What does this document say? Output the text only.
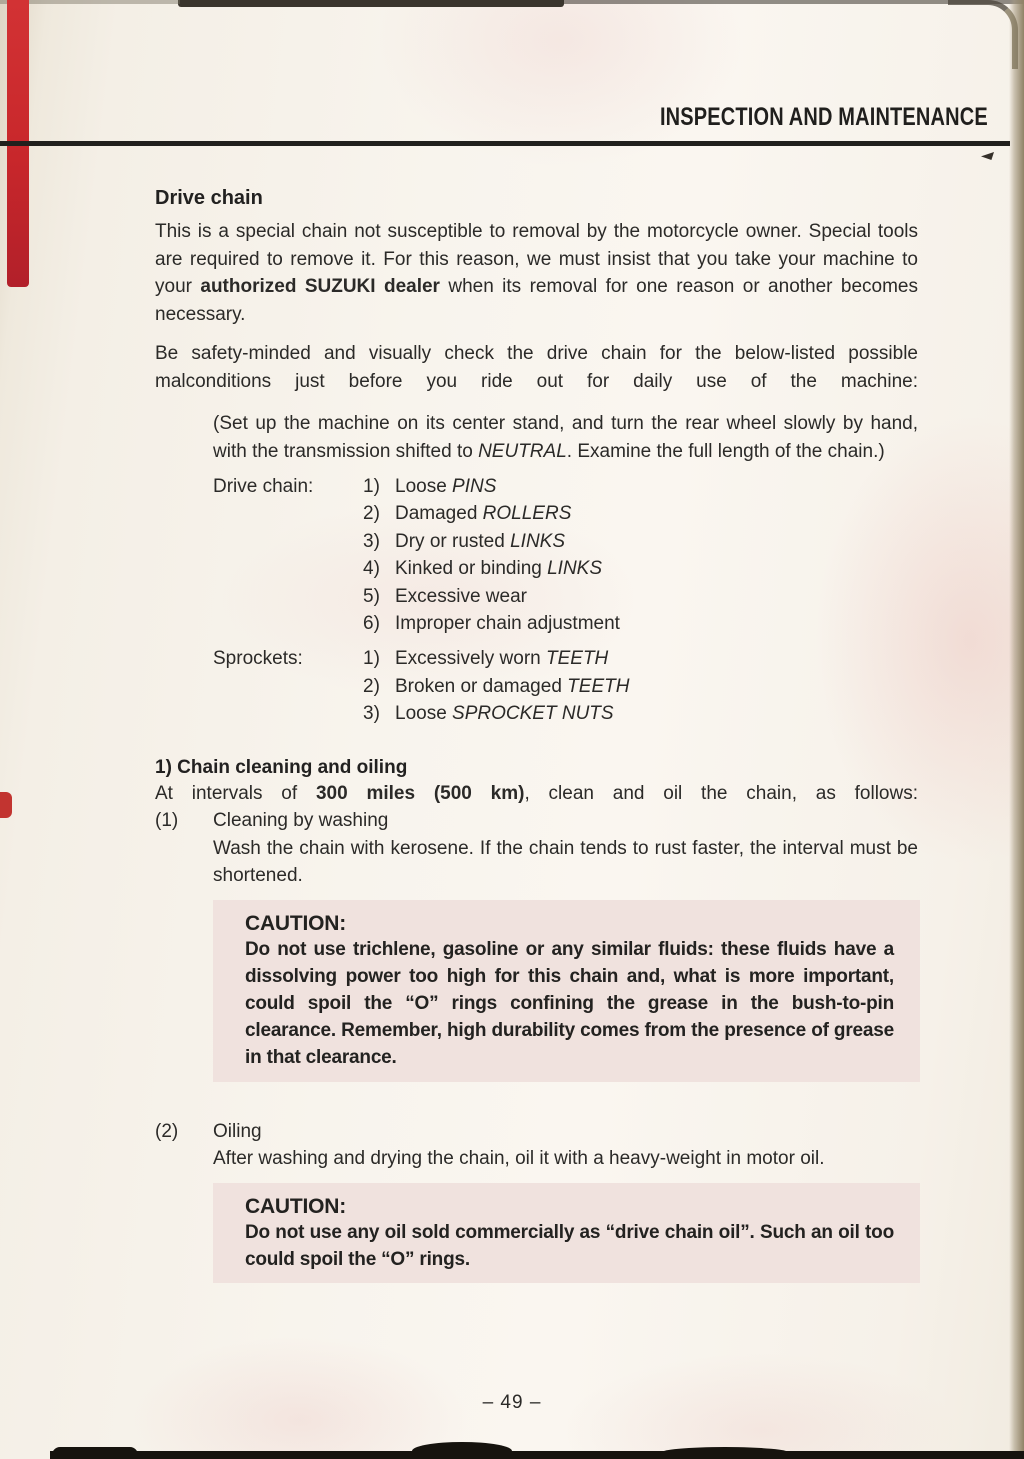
INSPECTION AND MAINTENANCE
Drive chain

This is a special chain not susceptible to removal by the motorcycle owner. Special tools are required to remove it. For this reason, we must insist that you take your machine to your authorized SUZUKI dealer when its removal for one reason or another becomes necessary.

Be safety-minded and visually check the drive chain for the below-listed possible malconditions just before you ride out for daily use of the machine:

(Set up the machine on its center stand, and turn the rear wheel slowly by hand, with the transmission shifted to NEUTRAL. Examine the full length of the chain.)

Drive chain:	1) Loose PINS
2) Damaged ROLLERS
3) Dry or rusted LINKS
4) Kinked or binding LINKS
5) Excessive wear
6) Improper chain adjustment
Sprockets:	1) Excessively worn TEETH
2) Broken or damaged TEETH
3) Loose SPROCKET NUTS
1) Chain cleaning and oiling

At intervals of 300 miles (500 km), clean and oil the chain, as follows:

(1)	Cleaning by washing

Wash the chain with kerosene. If the chain tends to rust faster, the interval must be shortened.

CAUTION:
Do not use trichlene, gasoline or any similar fluids: these fluids have a dissolving power too high for this chain and, what is more important, could spoil the “O” rings confining the grease in the bush-to-pin clearance. Remember, high durability comes from the presence of grease in that clearance.
(2)	Oiling

After washing and drying the chain, oil it with a heavy-weight in motor oil.

CAUTION:
Do not use any oil sold commercially as “drive chain oil”. Such an oil too could spoil the “O” rings.
– 49 –
